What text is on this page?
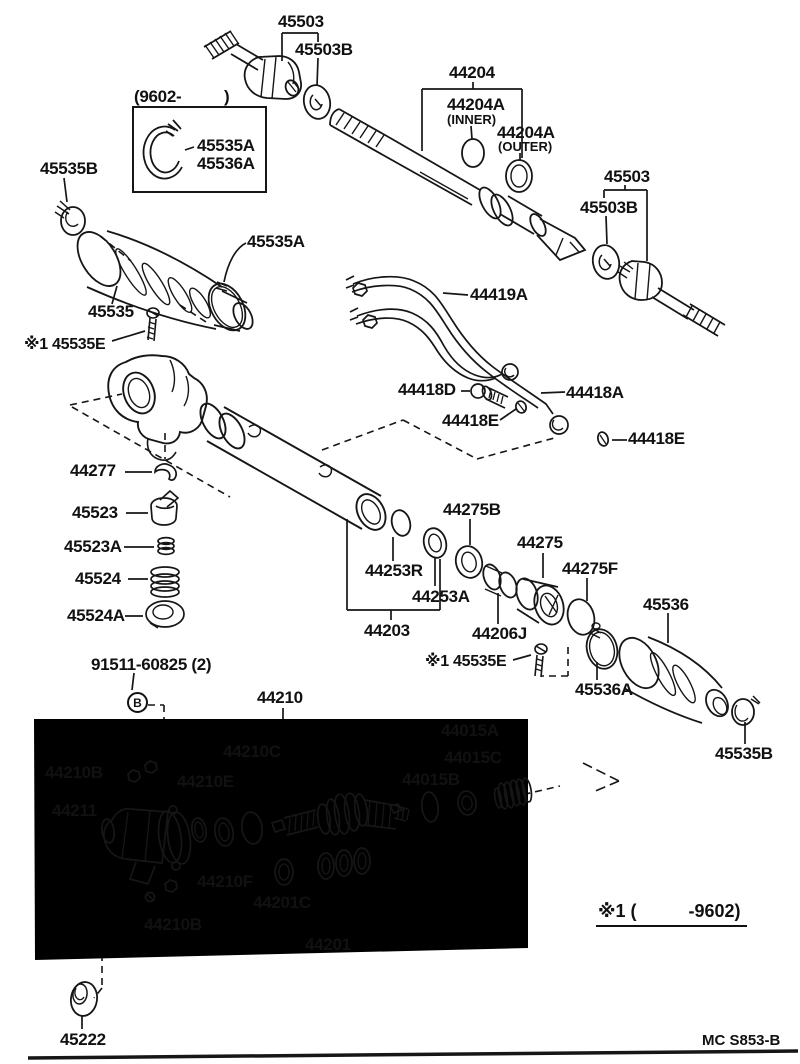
45503
45503B
(9602-	)
45535A
45536A
45535B
45535A
45535
※1 45535E
44204
44204A
(INNER)
44204A
(OUTER)
45503
45503B
44419A
44418D	44418A
44418E
44418E
44277
45523
45523A
45524
45524A
44253R
44253A
44203
44275B
44275
44275F
44206J
※1 45535E
45536
45536A
45535B
91511-60825 (2)
B	44210
44210C
44210B	44210E
44211
44210F
44210B
44201C
44201
44015A
44015C
44015B
※1 (	-9602)
45222	MC S853-B
